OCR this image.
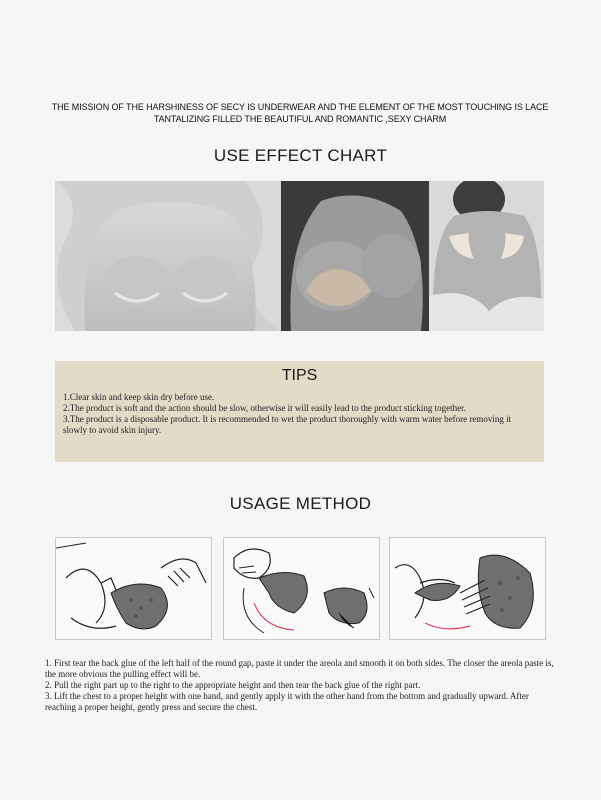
THE MISSION OF THE HARSHINESS OF SECY IS UNDERWEAR AND THE ELEMENT OF THE MOST TOUCHING IS LACE
TANTALIZING FILLED THE BEAUTIFUL AND ROMANTIC ,SEXY CHARM
USE EFFECT CHART
TIPS
1.Clear skin and keep skin dry before use.
2.The product is soft and the action should be slow, otherwise it will easily lead to the product sticking together.
3.The product is a disposable product. It is recommended to wet the product thoroughly with warm water before removing it slowly to avoid skin injury.
USAGE METHOD
1. First tear the back glue of the left half of the round gap, paste it under the areola and smooth it on both sides. The closer the areola paste is, the more obvious the pulling effect will be.
2. Pull the right part up to the right to the appropriate height and then tear the back glue of the right part.
3. Lift the chest to a proper height with one hand, and gently apply it with the other hand from the bottom and gradually upward. After reaching a proper height, gently press and secure the chest.
